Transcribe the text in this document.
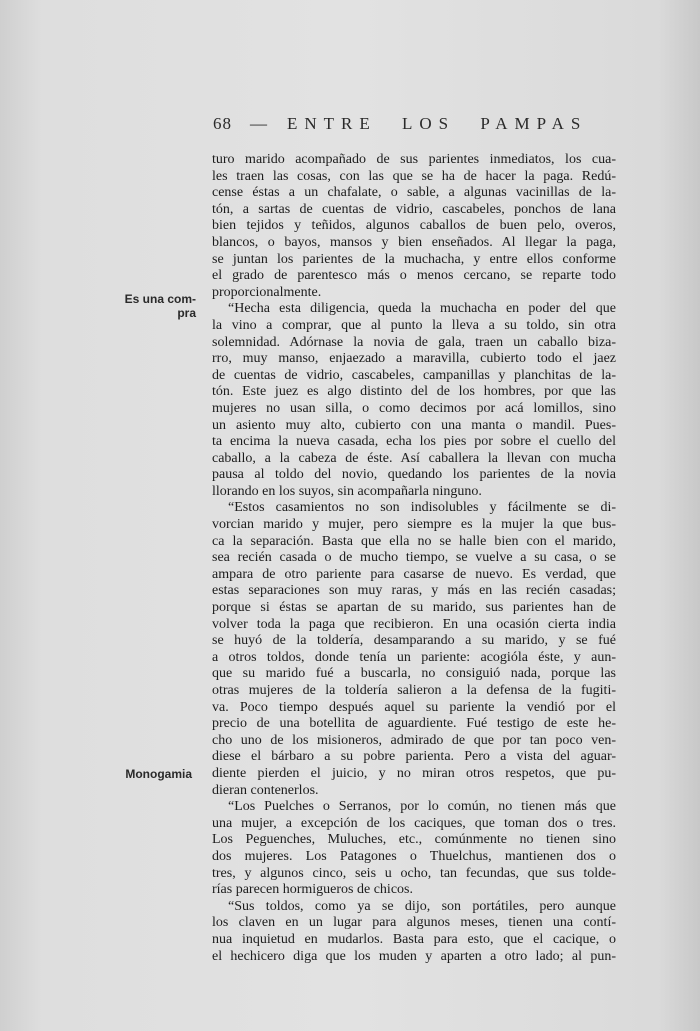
68 — ENTRE LOS PAMPAS
Es una com-
pra
Monogamia
turo marido acompañado de sus parientes inmediatos, los cua-
les traen las cosas, con las que se ha de hacer la paga. Redú-
cense éstas a un chafalate, o sable, a algunas vacinillas de la-
tón, a sartas de cuentas de vidrio, cascabeles, ponchos de lana
bien tejidos y teñidos, algunos caballos de buen pelo, overos,
blancos, o bayos, mansos y bien enseñados. Al llegar la paga,
se juntan los parientes de la muchacha, y entre ellos conforme
el grado de parentesco más o menos cercano, se reparte todo
proporcionalmente.
“Hecha esta diligencia, queda la muchacha en poder del que
la vino a comprar, que al punto la lleva a su toldo, sin otra
solemnidad. Adórnase la novia de gala, traen un caballo biza-
rro, muy manso, enjaezado a maravilla, cubierto todo el jaez
de cuentas de vidrio, cascabeles, campanillas y planchitas de la-
tón. Este juez es algo distinto del de los hombres, por que las
mujeres no usan silla, o como decimos por acá lomillos, sino
un asiento muy alto, cubierto con una manta o mandil. Pues-
ta encima la nueva casada, echa los pies por sobre el cuello del
caballo, a la cabeza de éste. Así caballera la llevan con mucha
pausa al toldo del novio, quedando los parientes de la novia
llorando en los suyos, sin acompañarla ninguno.
“Estos casamientos no son indisolubles y fácilmente se di-
vorcian marido y mujer, pero siempre es la mujer la que bus-
ca la separación. Basta que ella no se halle bien con el marido,
sea recién casada o de mucho tiempo, se vuelve a su casa, o se
ampara de otro pariente para casarse de nuevo. Es verdad, que
estas separaciones son muy raras, y más en las recién casadas;
porque si éstas se apartan de su marido, sus parientes han de
volver toda la paga que recibieron. En una ocasión cierta india
se huyó de la toldería, desamparando a su marido, y se fué
a otros toldos, donde tenía un pariente: acogióla éste, y aun-
que su marido fué a buscarla, no consiguió nada, porque las
otras mujeres de la toldería salieron a la defensa de la fugiti-
va. Poco tiempo después aquel su pariente la vendió por el
precio de una botellita de aguardiente. Fué testigo de este he-
cho uno de los misioneros, admirado de que por tan poco ven-
diese el bárbaro a su pobre parienta. Pero a vista del aguar-
diente pierden el juicio, y no miran otros respetos, que pu-
dieran contenerlos.
“Los Puelches o Serranos, por lo común, no tienen más que
una mujer, a excepción de los caciques, que toman dos o tres.
Los Peguenches, Muluches, etc., comúnmente no tienen sino
dos mujeres. Los Patagones o Thuelchus, mantienen dos o
tres, y algunos cinco, seis u ocho, tan fecundas, que sus tolde-
rías parecen hormigueros de chicos.
“Sus toldos, como ya se dijo, son portátiles, pero aunque
los claven en un lugar para algunos meses, tienen una contí-
nua inquietud en mudarlos. Basta para esto, que el cacique, o
el hechicero diga que los muden y aparten a otro lado; al pun-
